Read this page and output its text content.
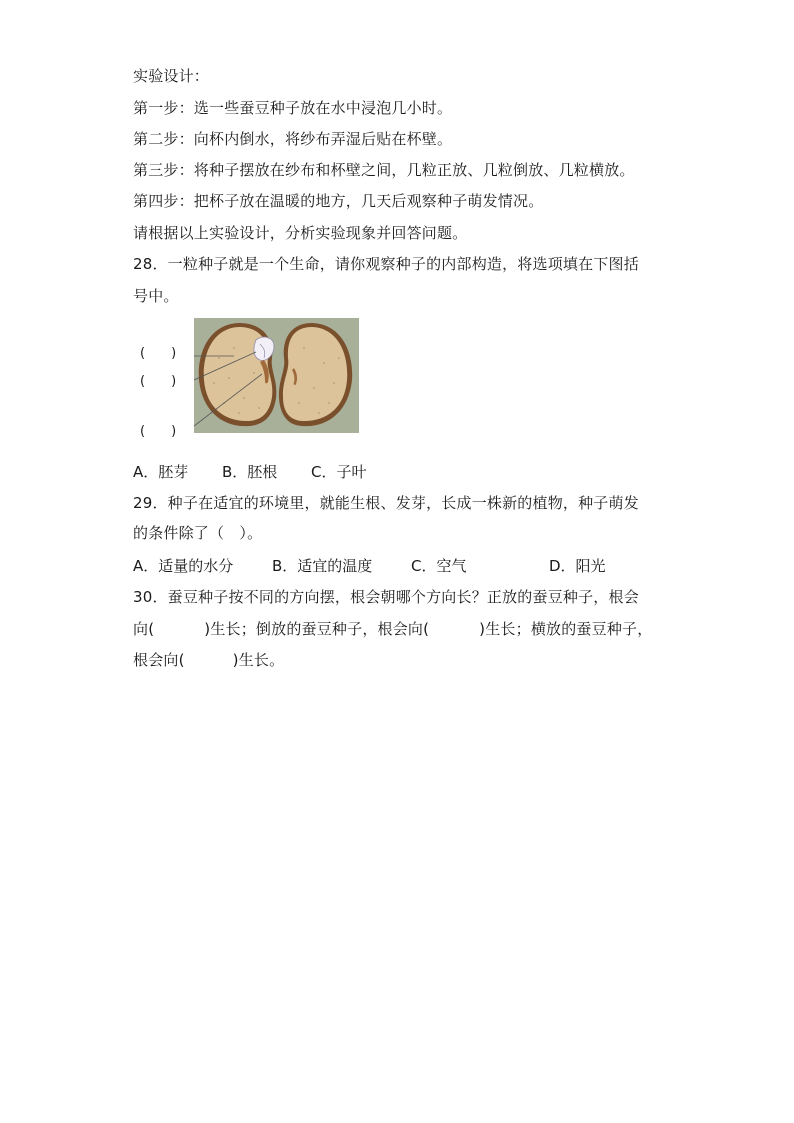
实验设计：
第一步：选一些蚕豆种子放在水中浸泡几小时。
第二步：向杯内倒水，将纱布弄湿后贴在杯壁。
第三步：将种子摆放在纱布和杯壁之间，几粒正放、几粒倒放、几粒横放。
第四步：把杯子放在温暖的地方，几天后观察种子萌发情况。
请根据以上实验设计，分析实验现象并回答问题。
28．一粒种子就是一个生命，请你观察种子的内部构造，将选项填在下图括
号中。
(　　)
(　　)
(　　)
A．胚芽 B．胚根 C．子叶
29．种子在适宜的环境里，就能生根、发芽，长成一株新的植物，种子萌发
的条件除了（　）。
A．适量的水分	B．适宜的温度	C．空气	D．阳光
30．蚕豆种子按不同的方向摆，根会朝哪个方向长？正放的蚕豆种子，根会
向(	)生长；倒放的蚕豆种子，根会向(	)生长；横放的蚕豆种子，
根会向(	)生长。
